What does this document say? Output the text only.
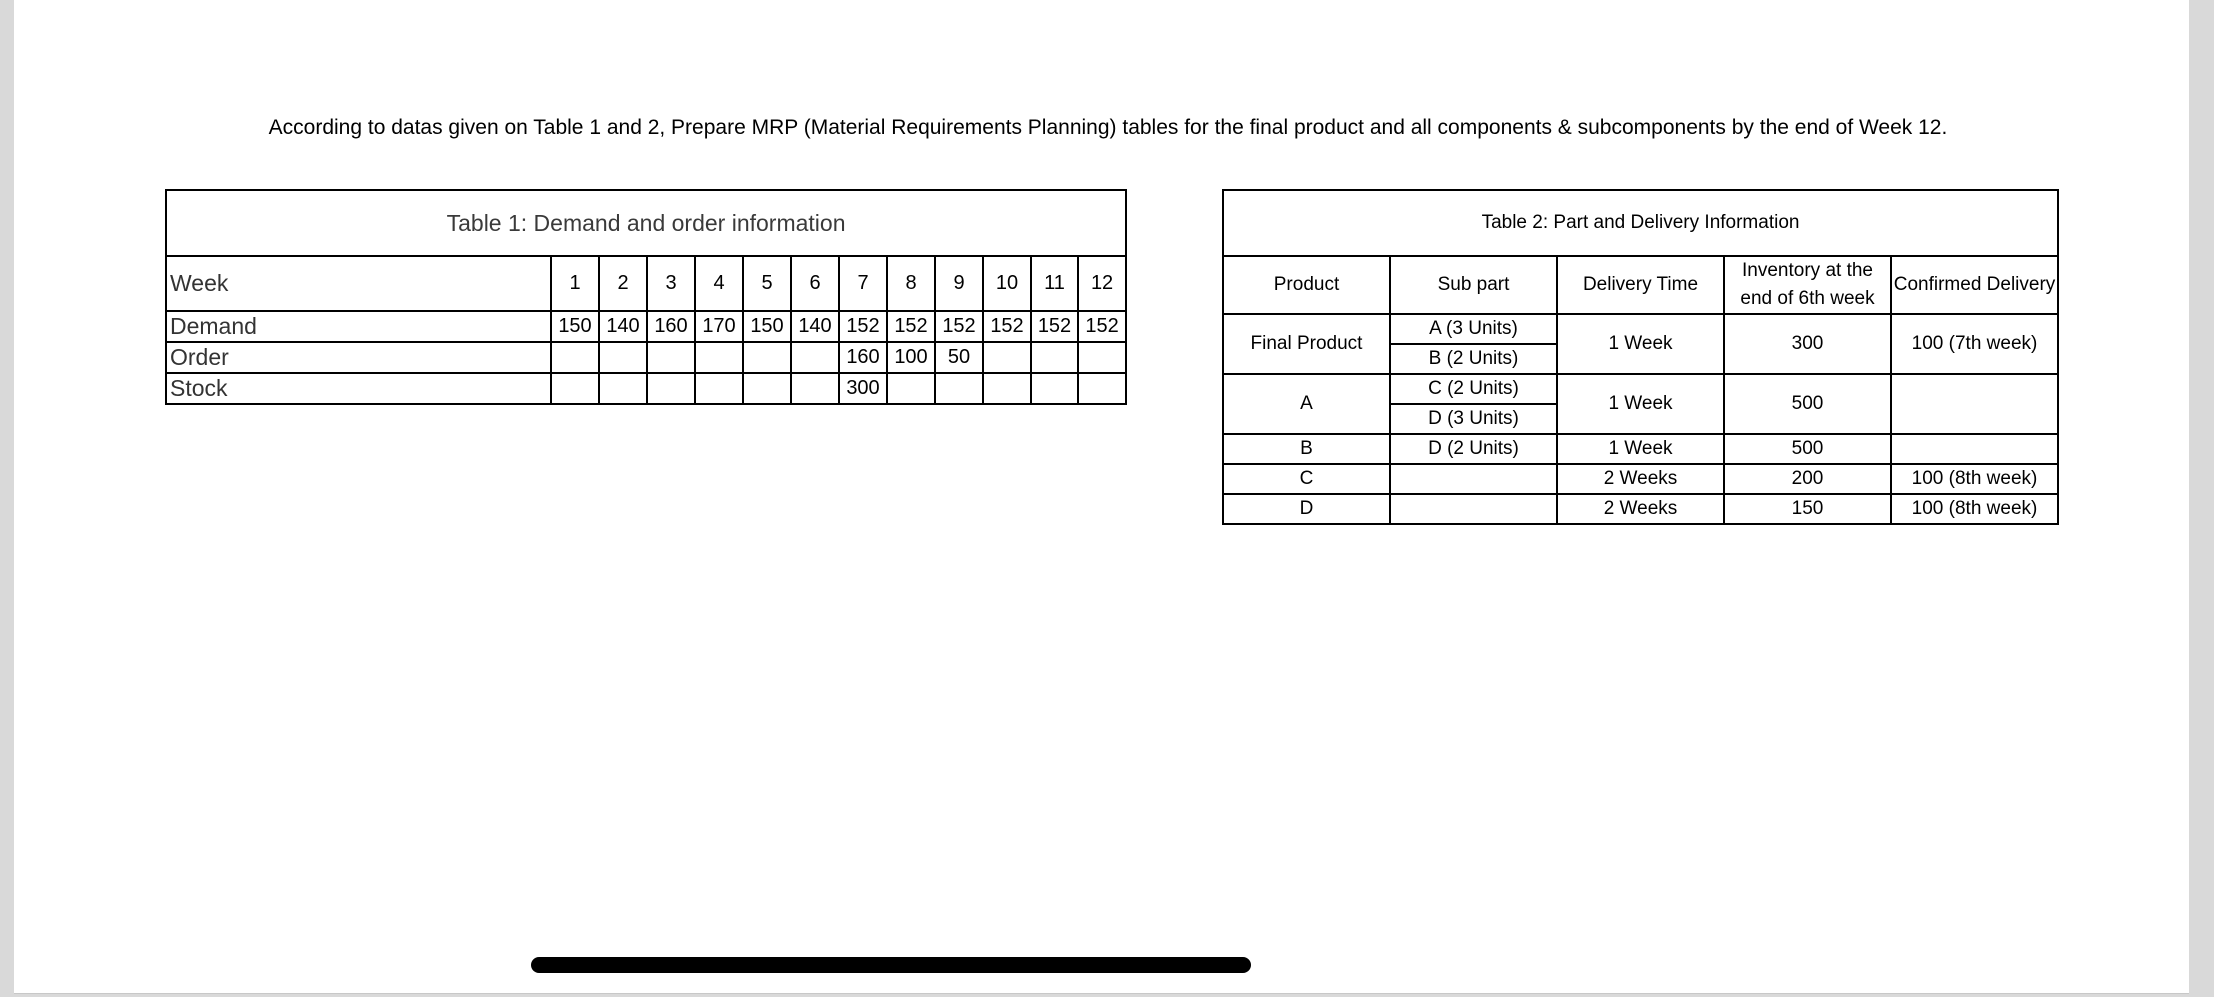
According to datas given on Table 1 and 2, Prepare MRP (Material Requirements Planning) tables for the final product and all components & subcomponents by the end of Week 12.
Table 1: Demand and order information												
Week	1	2	3	4	5	6	7	8	9	10	11	12
Demand	150	140	160	170	150	140	152	152	152	152	152	152
Order							160	100	50			
Stock							300					
Table 2: Part and Delivery Information				
Product	Sub part	Delivery Time	Inventory at the end of 6th week	Confirmed Delivery
Final Product	A (3 Units)	1 Week	300	100 (7th week)
	B (2 Units)			
A	C (2 Units)	1 Week	500	
	D (3 Units)			
B	D (2 Units)	1 Week	500	
C		2 Weeks	200	100 (8th week)
D		2 Weeks	150	100 (8th week)
